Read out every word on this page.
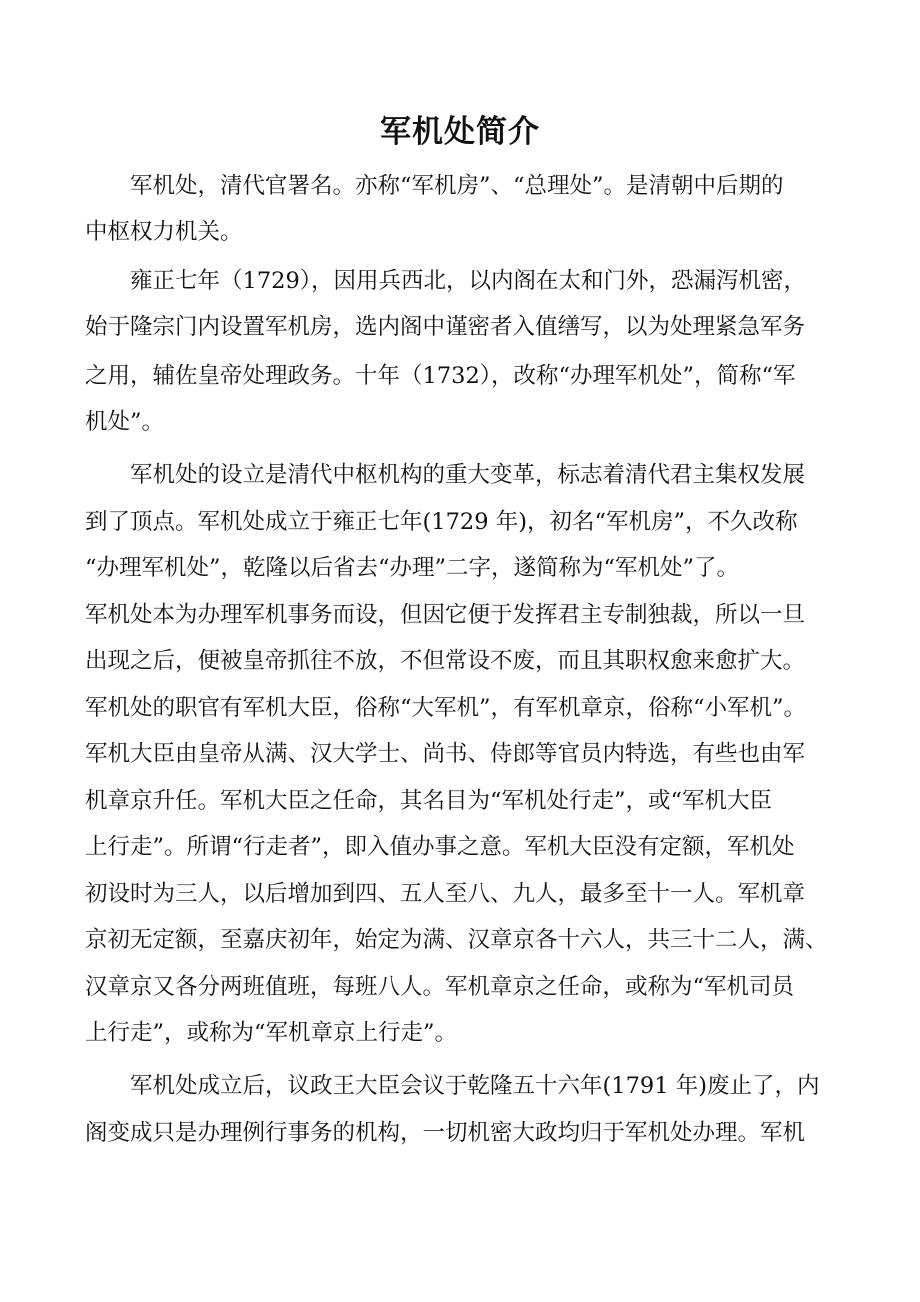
军机处简介
军机处，清代官署名。亦称“军机房”、“总理处”。是清朝中后期的
中枢权力机关。
雍正七年（1729），因用兵西北，以内阁在太和门外，恐漏泻机密，
始于隆宗门内设置军机房，选内阁中谨密者入值缮写，以为处理紧急军务
之用，辅佐皇帝处理政务。十年（1732），改称“办理军机处”，简称“军
机处”。
军机处的设立是清代中枢机构的重大变革，标志着清代君主集权发展
到了顶点。军机处成立于雍正七年(1729 年)，初名“军机房”，不久改称
“办理军机处”，乾隆以后省去“办理”二字，遂简称为“军机处”了。
军机处本为办理军机事务而设，但因它便于发挥君主专制独裁，所以一旦
出现之后，便被皇帝抓往不放，不但常设不废，而且其职权愈来愈扩大。
军机处的职官有军机大臣，俗称“大军机”，有军机章京，俗称“小军机”。
军机大臣由皇帝从满、汉大学士、尚书、侍郎等官员内特选，有些也由军
机章京升任。军机大臣之任命，其名目为“军机处行走”，或“军机大臣
上行走”。所谓“行走者”，即入值办事之意。军机大臣没有定额，军机处
初设时为三人，以后增加到四、五人至八、九人，最多至十一人。军机章
京初无定额，至嘉庆初年，始定为满、汉章京各十六人，共三十二人，满、
汉章京又各分两班值班，每班八人。军机章京之任命，或称为“军机司员
上行走”，或称为“军机章京上行走”。
军机处成立后，议政王大臣会议于乾隆五十六年(1791 年)废止了，内
阁变成只是办理例行事务的机构，一切机密大政均归于军机处办理。军机
